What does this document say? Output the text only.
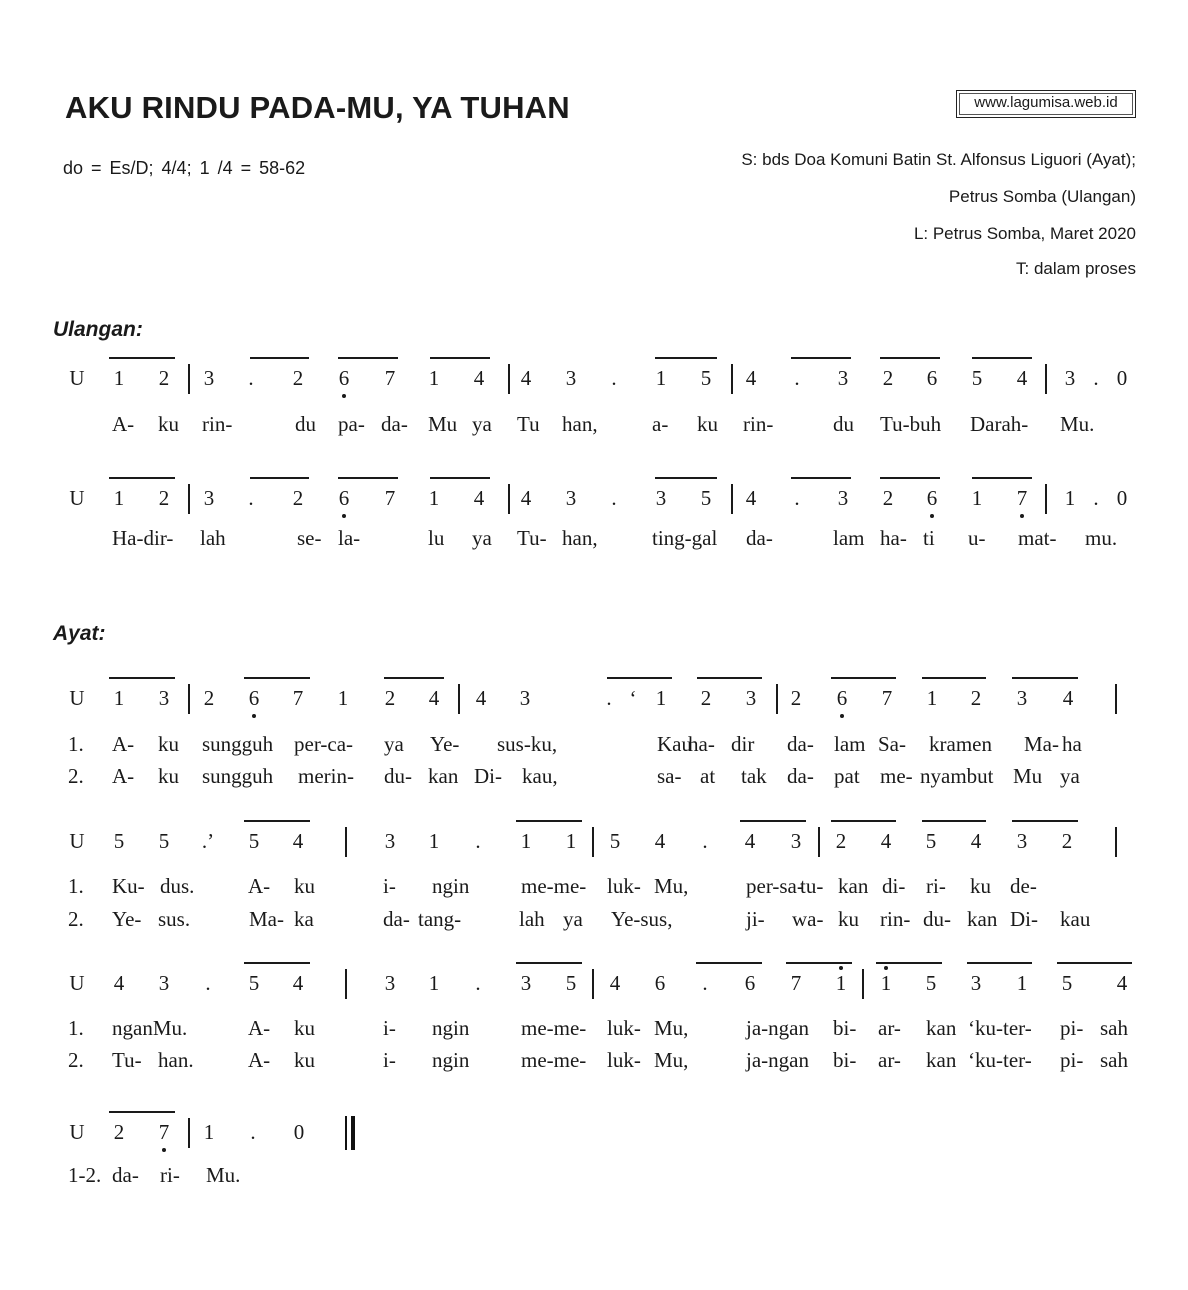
AKU RINDU PADA-MU, YA TUHAN	www.lagumisa.web.id
do = Es/D; 4/4; 1 /4 = 58-62	S: bds Doa Komuni Batin St. Alfonsus Liguori (Ayat);
Petrus Somba (Ulangan)
L: Petrus Somba, Maret 2020
T: dalam proses
Ulangan:
Ayat:
U 1 2 3 . 2 6 7 1 4 4 3 . 1 5 4 . 3 2 6 5 4 3 . 0
A- ku rin-	du pa- da- Mu ya Tu han,	a- ku rin-	du Tu-buh Darah- Mu.
U 1 2 3 . 2 6 7 1 4 4 3 . 3 5 4 . 3 2 6 1 7 1 . 0
Ha-dir- lah	se- la-	lu ya Tu- han,	ting-gal da-	lam ha- ti u- mat- mu.
U 1 3 2 6 7 1 2 4 4 3	. ‘ 1 2 3 2 6 7 1 2 3 4
1. A- ku sungguh per-ca- ya Ye- sus-ku,	Kau
ha- dir da- lam Sa- kramen Ma- ha
2. A- ku sungguh merin- du- kan Di- kau,	sa- at tak da- pat me- nyambut Mu ya
U 5 5 .’ 5 4	3 1 . 1 1 5 4 . 4 3 2 4 5 4 3 2
1. Ku- dus.	A- ku	i- ngin me-me- luk- Mu,	per-sa-
tu- kan di- ri- ku de-
2. Ye- sus.	Ma- ka	da- tang-	lah ya Ye-sus,	ji- wa- ku rin- du- kan Di- kau
U 4 3 . 5 4	3 1 . 3 5 4 6 . 6 7 1 1 5 3 1 5 4
1. nganMu.	A- ku	i- ngin me-me- luk- Mu,	ja-ngan bi- ar- kan ‘ku-ter- pi- sah
2. Tu- han.	A- ku	i- ngin me-me- luk- Mu,	ja-ngan bi- ar- kan ‘ku-ter- pi- sah
U 2 7 1 . 0
1-2. da- ri- Mu.
